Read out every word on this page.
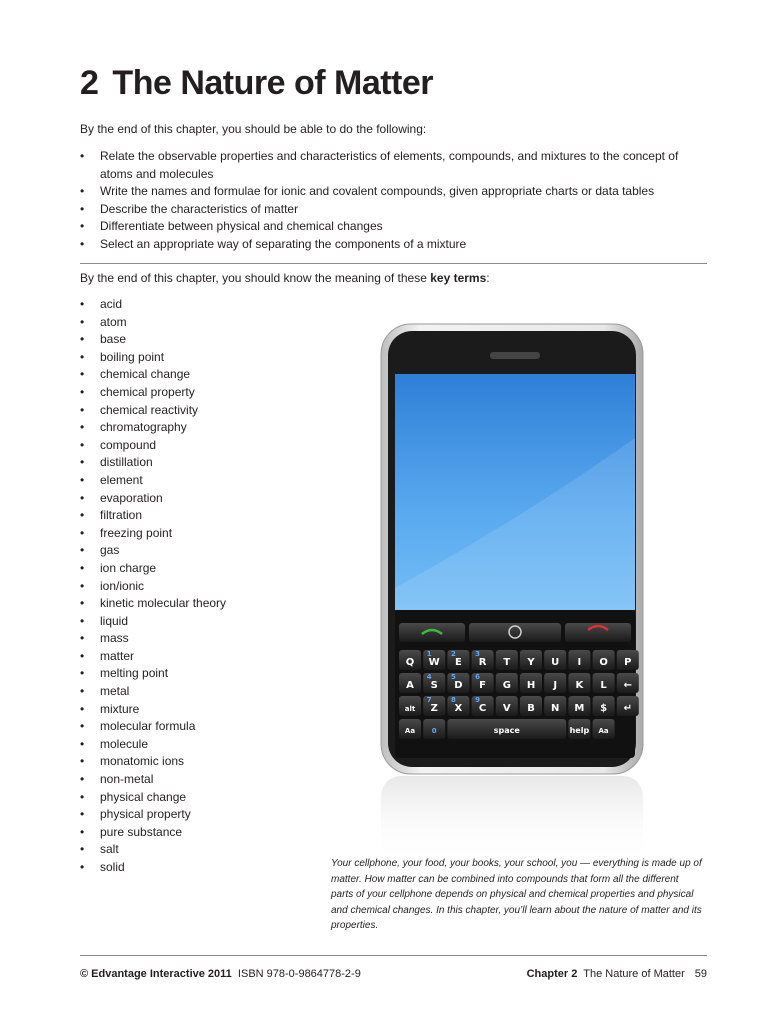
2 The Nature of Matter
By the end of this chapter, you should be able to do the following:
• Relate the observable properties and characteristics of elements, compounds, and mixtures to the concept of atoms and molecules
• Write the names and formulae for ionic and covalent compounds, given appropriate charts or data tables
• Describe the characteristics of matter
• Differentiate between physical and chemical changes
• Select an appropriate way of separating the components of a mixture
By the end of this chapter, you should know the meaning of these key terms:
• acid
• atom
• base
• boiling point
• chemical change
• chemical property
• chemical reactivity
• chromatography
• compound
• distillation
• element
• evaporation
• filtration
• freezing point
• gas
• ion charge
• ion/ionic
• kinetic molecular theory
• liquid
• mass
• matter
• melting point
• metal
• mixture
• molecular formula
• molecule
• monatomic ions
• non-metal
• physical change
• physical property
• pure substance
• salt
• solid
Q W
1
E
2
R
3
T Y U I O P
A S
4
D
5
F
6
G H J K L ←
alt Z
7
X
8
C
9
V B N M $ ↵
Aa 0	space	help Aa
Your cellphone, your food, your books, your school, you — everything is made up of matter. How matter can be combined into compounds that form all the different parts of your cellphone depends on physical and chemical properties and physical and chemical changes. In this chapter, you’ll learn about the nature of matter and its properties.
© Edvantage Interactive 2011 ISBN 978-0-9864778-2-9	Chapter 2 The Nature of Matter 59
